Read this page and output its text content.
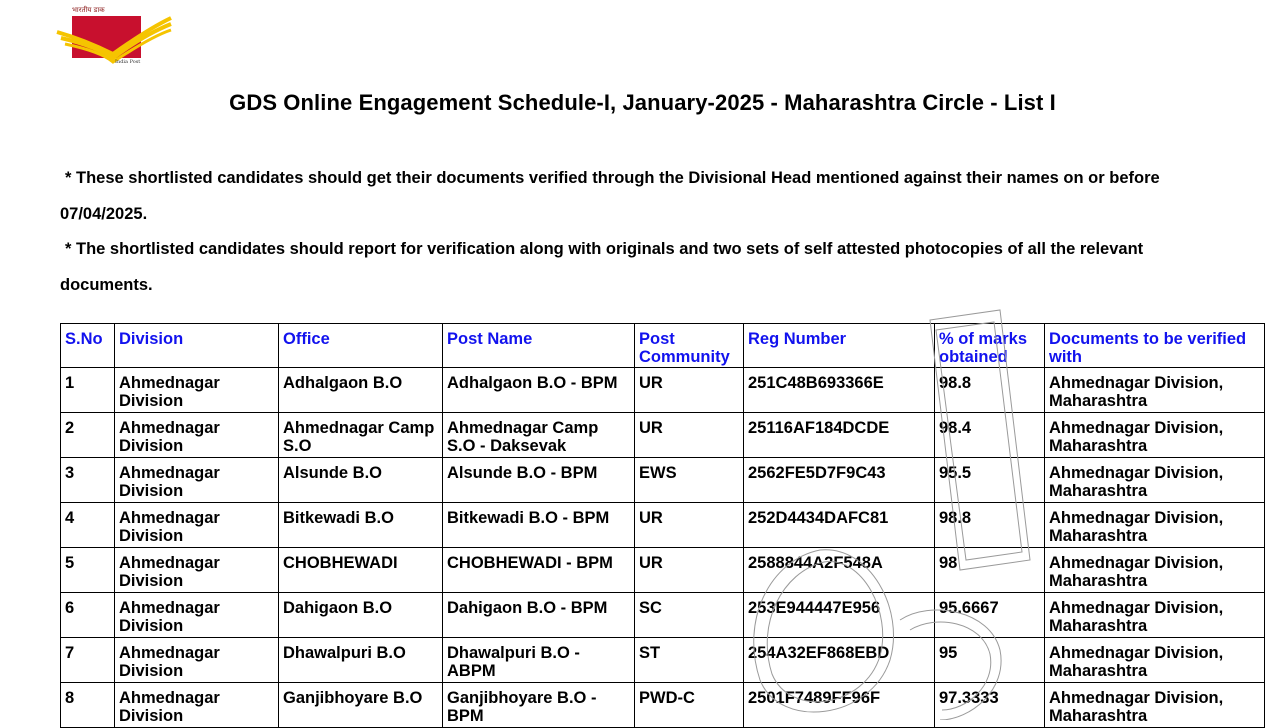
भारतीय डाक
India Post
GDS Online Engagement Schedule-I, January-2025 - Maharashtra Circle - List I

* These shortlisted candidates should get their documents verified through the Divisional Head mentioned against their names on or before 07/04/2025.

* The shortlisted candidates should report for verification along with originals and two sets of self attested photocopies of all the relevant documents.

S.No	Division	Office	Post Name	Post Community	Reg Number	% of marks obtained	Documents to be verified with
1	Ahmednagar Division	Adhalgaon B.O	Adhalgaon B.O - BPM	UR	251C48B693366E	98.8	Ahmednagar Division, Maharashtra
2	Ahmednagar Division	Ahmednagar Camp S.O	Ahmednagar Camp S.O - Daksevak	UR	25116AF184DCDE	98.4	Ahmednagar Division, Maharashtra
3	Ahmednagar Division	Alsunde B.O	Alsunde B.O - BPM	EWS	2562FE5D7F9C43	95.5	Ahmednagar Division, Maharashtra
4	Ahmednagar Division	Bitkewadi B.O	Bitkewadi B.O - BPM	UR	252D4434DAFC81	98.8	Ahmednagar Division, Maharashtra
5	Ahmednagar Division	CHOBHEWADI	CHOBHEWADI - BPM	UR	2588844A2F548A	98	Ahmednagar Division, Maharashtra
6	Ahmednagar Division	Dahigaon B.O	Dahigaon B.O - BPM	SC	253E944447E956	95.6667	Ahmednagar Division, Maharashtra
7	Ahmednagar Division	Dhawalpuri B.O	Dhawalpuri B.O - ABPM	ST	254A32EF868EBD	95	Ahmednagar Division, Maharashtra
8	Ahmednagar Division	Ganjibhoyare B.O	Ganjibhoyare B.O - BPM	PWD-C	2501F7489FF96F	97.3333	Ahmednagar Division, Maharashtra
